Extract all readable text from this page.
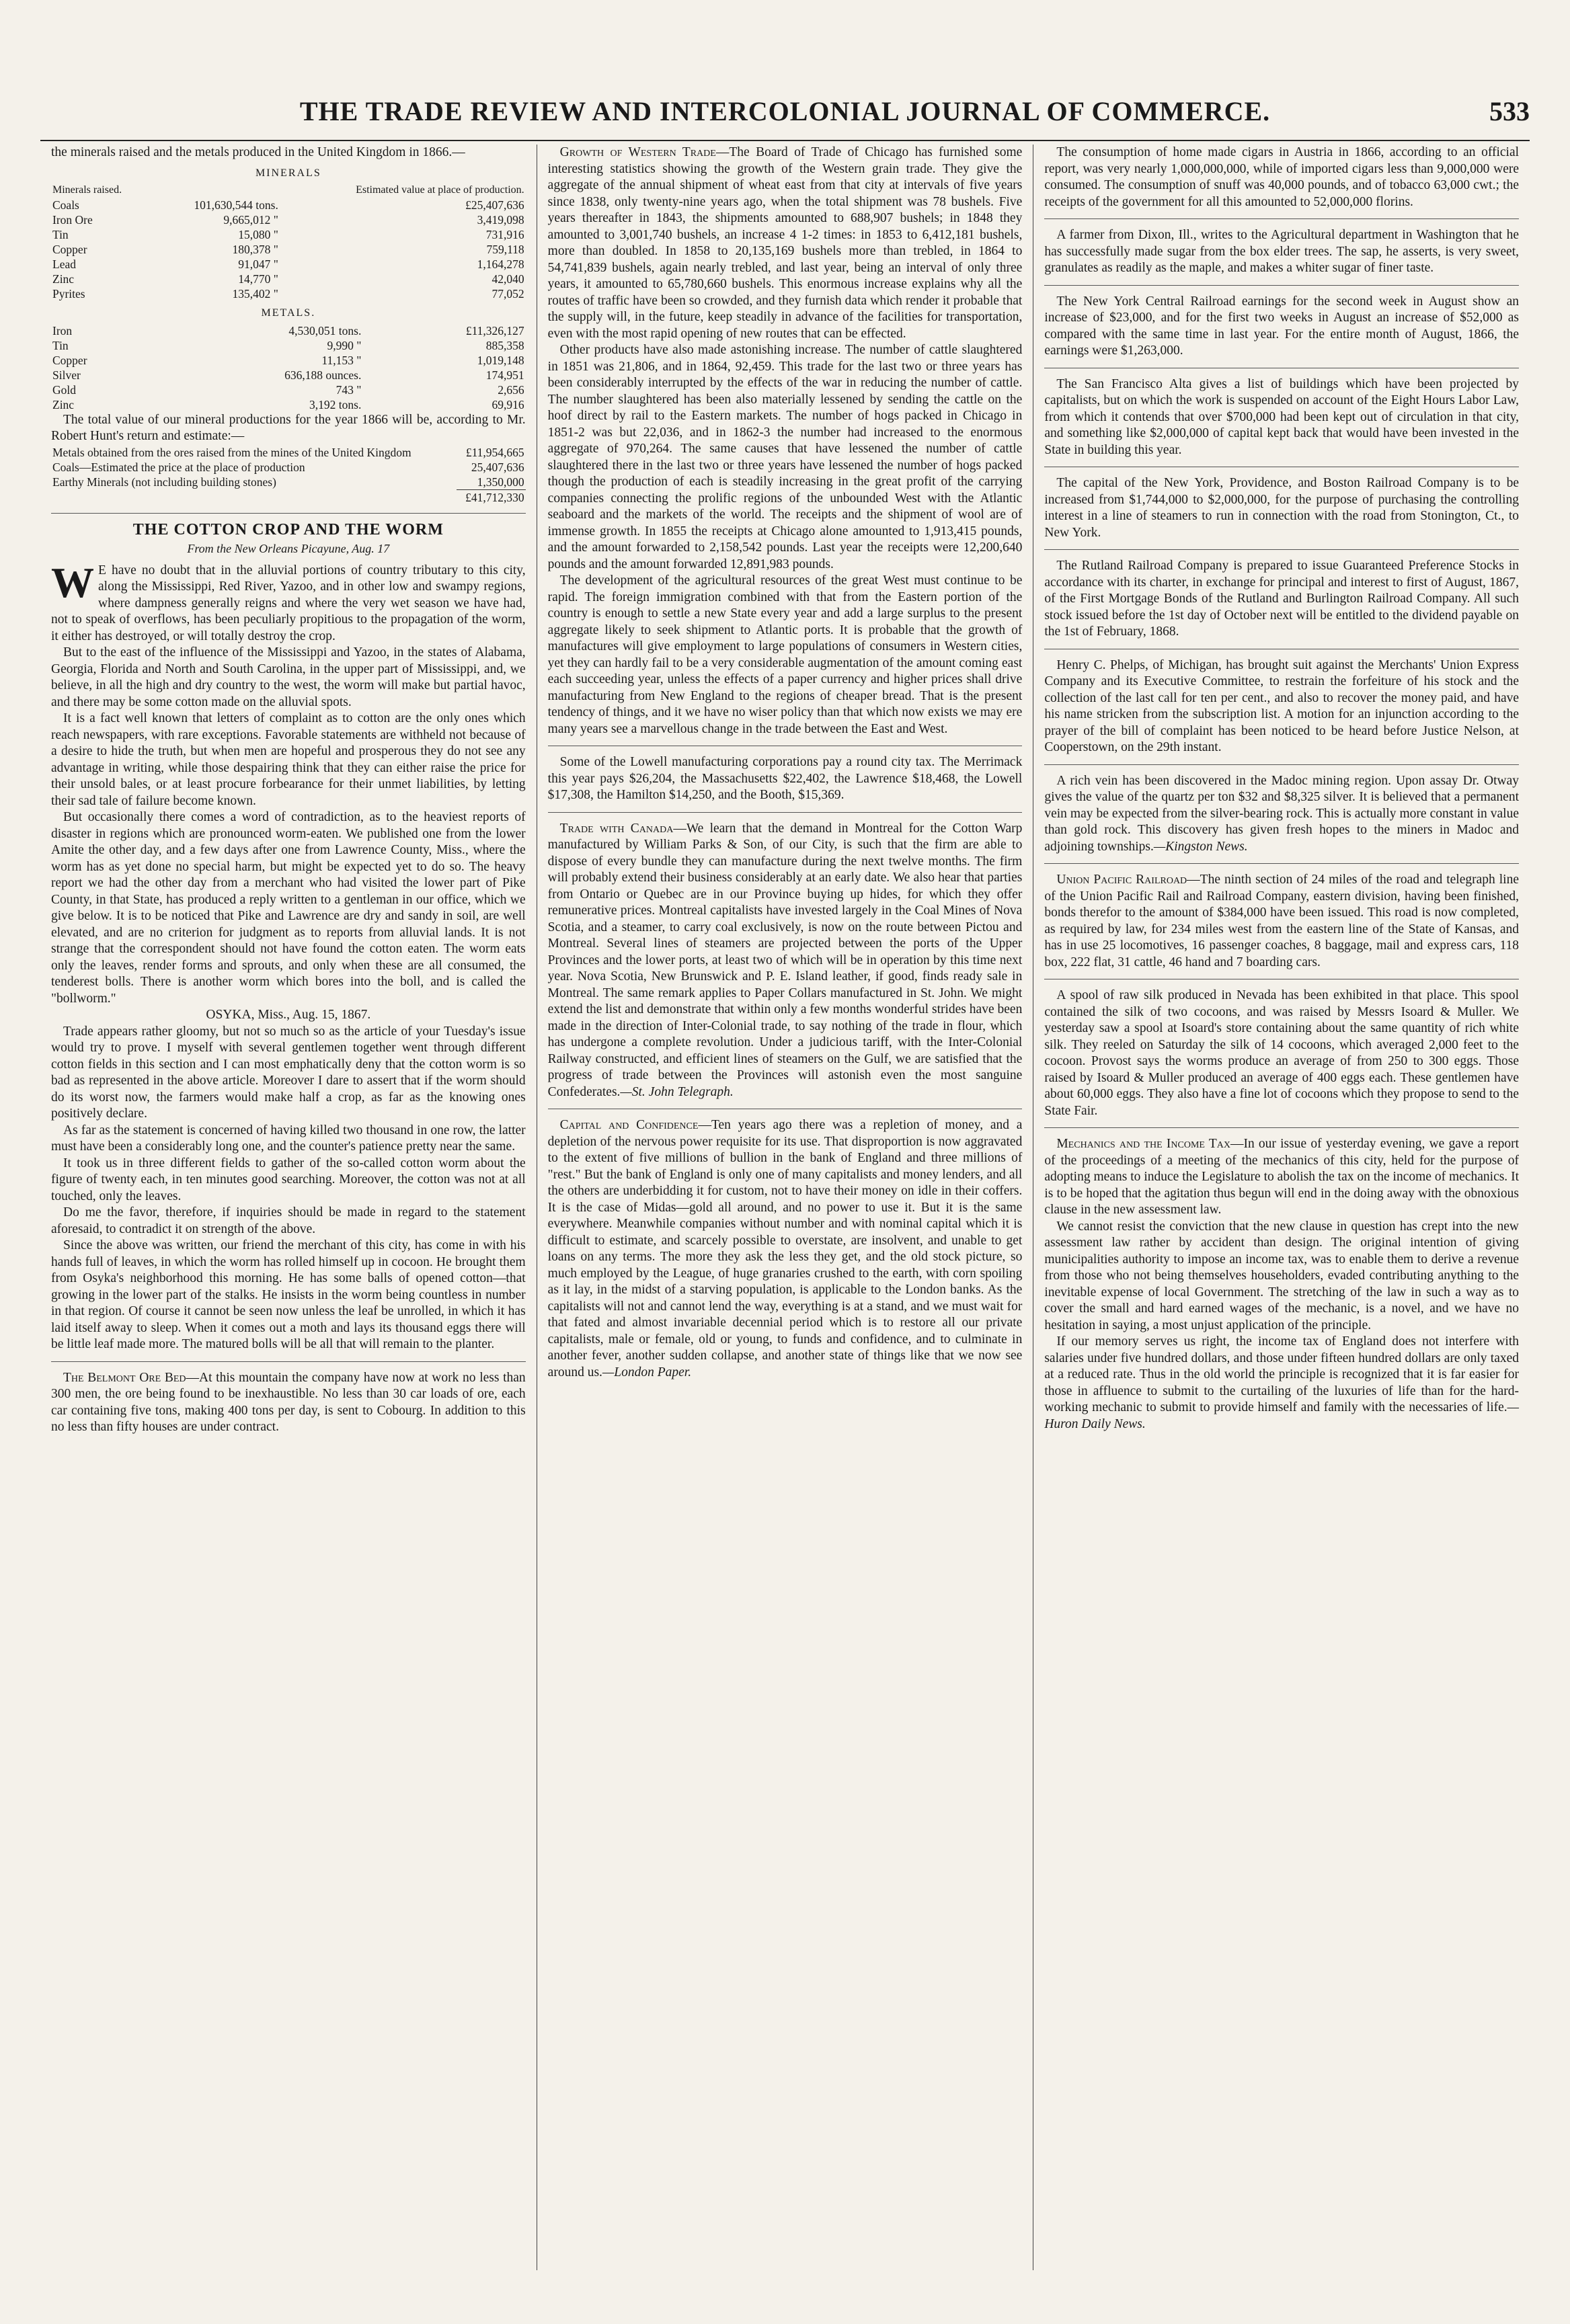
THE TRADE REVIEW AND INTERCOLONIAL JOURNAL OF COMMERCE.	533

the minerals raised and the metals produced in the United Kingdom in 1866.—

MINERALS
Minerals raised.		Estimated value at place of production.
Coals	101,630,544 tons.	£25,407,636
Iron Ore	9,665,012 "	3,419,098
Tin	15,080 "	731,916
Copper	180,378 "	759,118
Lead	91,047 "	1,164,278
Zinc	14,770 "	42,040
Pyrites	135,402 "	77,052
METALS.
Iron	4,530,051 tons.	£11,326,127
Tin	9,990 "	885,358
Copper	11,153 "	1,019,148
Silver	636,188 ounces.	174,951
Gold	743 "	2,656
Zinc	3,192 tons.	69,916

The total value of our mineral productions for the year 1866 will be, according to Mr. Robert Hunt's return and estimate:—

Metals obtained from the ores raised from the mines of the United Kingdom	£11,954,665
Coals—Estimated the price at the place of production	25,407,636
Earthy Minerals (not including building stones)	1,350,000
	£41,712,330
THE COTTON CROP AND THE WORM
From the New Orleans Picayune, Aug. 17

W E have no doubt that in the alluvial portions of country tributary to this city, along the Mississippi, Red River, Yazoo, and in other low and swampy regions, where dampness generally reigns and where the very wet season we have had, not to speak of overflows, has been peculiarly propitious to the propagation of the worm, it either has destroyed, or will totally destroy the crop.

But to the east of the influence of the Mississippi and Yazoo, in the states of Alabama, Georgia, Florida and North and South Carolina, in the upper part of Mississippi, and, we believe, in all the high and dry country to the west, the worm will make but partial havoc, and there may be some cotton made on the alluvial spots.

It is a fact well known that letters of complaint as to cotton are the only ones which reach newspapers, with rare exceptions. Favorable statements are withheld not because of a desire to hide the truth, but when men are hopeful and prosperous they do not see any advantage in writing, while those despairing think that they can either raise the price for their unsold bales, or at least procure forbearance for their unmet liabilities, by letting their sad tale of failure become known.

But occasionally there comes a word of contradiction, as to the heaviest reports of disaster in regions which are pronounced worm-eaten. We published one from the lower Amite the other day, and a few days after one from Lawrence County, Miss., where the worm has as yet done no special harm, but might be expected yet to do so. The heavy report we had the other day from a merchant who had visited the lower part of Pike County, in that State, has produced a reply written to a gentleman in our office, which we give below. It is to be noticed that Pike and Lawrence are dry and sandy in soil, are well elevated, and are no criterion for judgment as to reports from alluvial lands. It is not strange that the correspondent should not have found the cotton eaten. The worm eats only the leaves, render forms and sprouts, and only when these are all consumed, the tenderest bolls. There is another worm which bores into the boll, and is called the "bollworm."

OSYKA, Miss., Aug. 15, 1867.

Trade appears rather gloomy, but not so much so as the article of your Tuesday's issue would try to prove. I myself with several gentlemen together went through different cotton fields in this section and I can most emphatically deny that the cotton worm is so bad as represented in the above article. Moreover I dare to assert that if the worm should do its worst now, the farmers would make half a crop, as far as the knowing ones positively declare.

As far as the statement is concerned of having killed two thousand in one row, the latter must have been a considerably long one, and the counter's patience pretty near the same.

It took us in three different fields to gather of the so-called cotton worm about the figure of twenty each, in ten minutes good searching. Moreover, the cotton was not at all touched, only the leaves.

Do me the favor, therefore, if inquiries should be made in regard to the statement aforesaid, to contradict it on strength of the above.

Since the above was written, our friend the merchant of this city, has come in with his hands full of leaves, in which the worm has rolled himself up in cocoon. He brought them from Osyka's neighborhood this morning. He has some balls of opened cotton—that growing in the lower part of the stalks. He insists in the worm being countless in number in that region. Of course it cannot be seen now unless the leaf be unrolled, in which it has laid itself away to sleep. When it comes out a moth and lays its thousand eggs there will be little leaf made more. The matured bolls will be all that will remain to the planter.

The Belmont Ore Bed—At this mountain the company have now at work no less than 300 men, the ore being found to be inexhaustible. No less than 30 car loads of ore, each car containing five tons, making 400 tons per day, is sent to Cobourg. In addition to this no less than fifty houses are under contract.

Growth of Western Trade—The Board of Trade of Chicago has furnished some interesting statistics showing the growth of the Western grain trade. They give the aggregate of the annual shipment of wheat east from that city at intervals of five years since 1838, only twenty-nine years ago, when the total shipment was 78 bushels. Five years thereafter in 1843, the shipments amounted to 688,907 bushels; in 1848 they amounted to 3,001,740 bushels, an increase 4 1-2 times: in 1853 to 6,412,181 bushels, more than doubled. In 1858 to 20,135,169 bushels more than trebled, in 1864 to 54,741,839 bushels, again nearly trebled, and last year, being an interval of only three years, it amounted to 65,780,660 bushels. This enormous increase explains why all the routes of traffic have been so crowded, and they furnish data which render it probable that the supply will, in the future, keep steadily in advance of the facilities for transportation, even with the most rapid opening of new routes that can be effected.

Other products have also made astonishing increase. The number of cattle slaughtered in 1851 was 21,806, and in 1864, 92,459. This trade for the last two or three years has been considerably interrupted by the effects of the war in reducing the number of cattle. The number slaughtered has been also materially lessened by sending the cattle on the hoof direct by rail to the Eastern markets. The number of hogs packed in Chicago in 1851-2 was but 22,036, and in 1862-3 the number had increased to the enormous aggregate of 970,264. The same causes that have lessened the number of cattle slaughtered there in the last two or three years have lessened the number of hogs packed though the production of each is steadily increasing in the great profit of the carrying companies connecting the prolific regions of the unbounded West with the Atlantic seaboard and the markets of the world. The receipts and the shipment of wool are of immense growth. In 1855 the receipts at Chicago alone amounted to 1,913,415 pounds, and the amount forwarded to 2,158,542 pounds. Last year the receipts were 12,200,640 pounds and the amount forwarded 12,891,983 pounds.

The development of the agricultural resources of the great West must continue to be rapid. The foreign immigration combined with that from the Eastern portion of the country is enough to settle a new State every year and add a large surplus to the present aggregate likely to seek shipment to Atlantic ports. It is probable that the growth of manufactures will give employment to large populations of consumers in Western cities, yet they can hardly fail to be a very considerable augmentation of the amount coming east each succeeding year, unless the effects of a paper currency and higher prices shall drive manufacturing from New England to the regions of cheaper bread. That is the present tendency of things, and it we have no wiser policy than that which now exists we may ere many years see a marvellous change in the trade between the East and West.

Some of the Lowell manufacturing corporations pay a round city tax. The Merrimack this year pays $26,204, the Massachusetts $22,402, the Lawrence $18,468, the Lowell $17,308, the Hamilton $14,250, and the Booth, $15,369.

Trade with Canada—We learn that the demand in Montreal for the Cotton Warp manufactured by William Parks & Son, of our City, is such that the firm are able to dispose of every bundle they can manufacture during the next twelve months. The firm will probably extend their business considerably at an early date. We also hear that parties from Ontario or Quebec are in our Province buying up hides, for which they offer remunerative prices. Montreal capitalists have invested largely in the Coal Mines of Nova Scotia, and a steamer, to carry coal exclusively, is now on the route between Pictou and Montreal. Several lines of steamers are projected between the ports of the Upper Provinces and the lower ports, at least two of which will be in operation by this time next year. Nova Scotia, New Brunswick and P. E. Island leather, if good, finds ready sale in Montreal. The same remark applies to Paper Collars manufactured in St. John. We might extend the list and demonstrate that within only a few months wonderful strides have been made in the direction of Inter-Colonial trade, to say nothing of the trade in flour, which has undergone a complete revolution. Under a judicious tariff, with the Inter-Colonial Railway constructed, and efficient lines of steamers on the Gulf, we are satisfied that the progress of trade between the Provinces will astonish even the most sanguine Confederates.—St. John Telegraph.

Capital and Confidence—Ten years ago there was a repletion of money, and a depletion of the nervous power requisite for its use. That disproportion is now aggravated to the extent of five millions of bullion in the bank of England and three millions of "rest." But the bank of England is only one of many capitalists and money lenders, and all the others are underbidding it for custom, not to have their money on idle in their coffers. It is the case of Midas—gold all around, and no power to use it. But it is the same everywhere. Meanwhile companies without number and with nominal capital which it is difficult to estimate, and scarcely possible to overstate, are insolvent, and unable to get loans on any terms. The more they ask the less they get, and the old stock picture, so much employed by the League, of huge granaries crushed to the earth, with corn spoiling as it lay, in the midst of a starving population, is applicable to the London banks. As the capitalists will not and cannot lend the way, everything is at a stand, and we must wait for that fated and almost invariable decennial period which is to restore all our private capitalists, male or female, old or young, to funds and confidence, and to culminate in another fever, another sudden collapse, and another state of things like that we now see around us.—London Paper.

The consumption of home made cigars in Austria in 1866, according to an official report, was very nearly 1,000,000,000, while of imported cigars less than 9,000,000 were consumed. The consumption of snuff was 40,000 pounds, and of tobacco 63,000 cwt.; the receipts of the government for all this amounted to 52,000,000 florins.

A farmer from Dixon, Ill., writes to the Agricultural department in Washington that he has successfully made sugar from the box elder trees. The sap, he asserts, is very sweet, granulates as readily as the maple, and makes a whiter sugar of finer taste.

The New York Central Railroad earnings for the second week in August show an increase of $23,000, and for the first two weeks in August an increase of $52,000 as compared with the same time in last year. For the entire month of August, 1866, the earnings were $1,263,000.

The San Francisco Alta gives a list of buildings which have been projected by capitalists, but on which the work is suspended on account of the Eight Hours Labor Law, from which it contends that over $700,000 had been kept out of circulation in that city, and something like $2,000,000 of capital kept back that would have been invested in the State in building this year.

The capital of the New York, Providence, and Boston Railroad Company is to be increased from $1,744,000 to $2,000,000, for the purpose of purchasing the controlling interest in a line of steamers to run in connection with the road from Stonington, Ct., to New York.

The Rutland Railroad Company is prepared to issue Guaranteed Preference Stocks in accordance with its charter, in exchange for principal and interest to first of August, 1867, of the First Mortgage Bonds of the Rutland and Burlington Railroad Company. All such stock issued before the 1st day of October next will be entitled to the dividend payable on the 1st of February, 1868.

Henry C. Phelps, of Michigan, has brought suit against the Merchants' Union Express Company and its Executive Committee, to restrain the forfeiture of his stock and the collection of the last call for ten per cent., and also to recover the money paid, and have his name stricken from the subscription list. A motion for an injunction according to the prayer of the bill of complaint has been noticed to be heard before Justice Nelson, at Cooperstown, on the 29th instant.

A rich vein has been discovered in the Madoc mining region. Upon assay Dr. Otway gives the value of the quartz per ton $32 and $8,325 silver. It is believed that a permanent vein may be expected from the silver-bearing rock. This is actually more constant in value than gold rock. This discovery has given fresh hopes to the miners in Madoc and adjoining townships.—Kingston News.

Union Pacific Railroad—The ninth section of 24 miles of the road and telegraph line of the Union Pacific Rail and Railroad Company, eastern division, having been finished, bonds therefor to the amount of $384,000 have been issued. This road is now completed, as required by law, for 234 miles west from the eastern line of the State of Kansas, and has in use 25 locomotives, 16 passenger coaches, 8 baggage, mail and express cars, 118 box, 222 flat, 31 cattle, 46 hand and 7 boarding cars.

A spool of raw silk produced in Nevada has been exhibited in that place. This spool contained the silk of two cocoons, and was raised by Messrs Isoard & Muller. We yesterday saw a spool at Isoard's store containing about the same quantity of rich white silk. They reeled on Saturday the silk of 14 cocoons, which averaged 2,000 feet to the cocoon. Provost says the worms produce an average of from 250 to 300 eggs. Those raised by Isoard & Muller produced an average of 400 eggs each. These gentlemen have about 60,000 eggs. They also have a fine lot of cocoons which they propose to send to the State Fair.

Mechanics and the Income Tax—In our issue of yesterday evening, we gave a report of the proceedings of a meeting of the mechanics of this city, held for the purpose of adopting means to induce the Legislature to abolish the tax on the income of mechanics. It is to be hoped that the agitation thus begun will end in the doing away with the obnoxious clause in the new assessment law.

We cannot resist the conviction that the new clause in question has crept into the new assessment law rather by accident than design. The original intention of giving municipalities authority to impose an income tax, was to enable them to derive a revenue from those who not being themselves householders, evaded contributing anything to the inevitable expense of local Government. The stretching of the law in such a way as to cover the small and hard earned wages of the mechanic, is a novel, and we have no hesitation in saying, a most unjust application of the principle.

If our memory serves us right, the income tax of England does not interfere with salaries under five hundred dollars, and those under fifteen hundred dollars are only taxed at a reduced rate. Thus in the old world the principle is recognized that it is far easier for those in affluence to submit to the curtailing of the luxuries of life than for the hard-working mechanic to submit to provide himself and family with the necessaries of life.—Huron Daily News.
